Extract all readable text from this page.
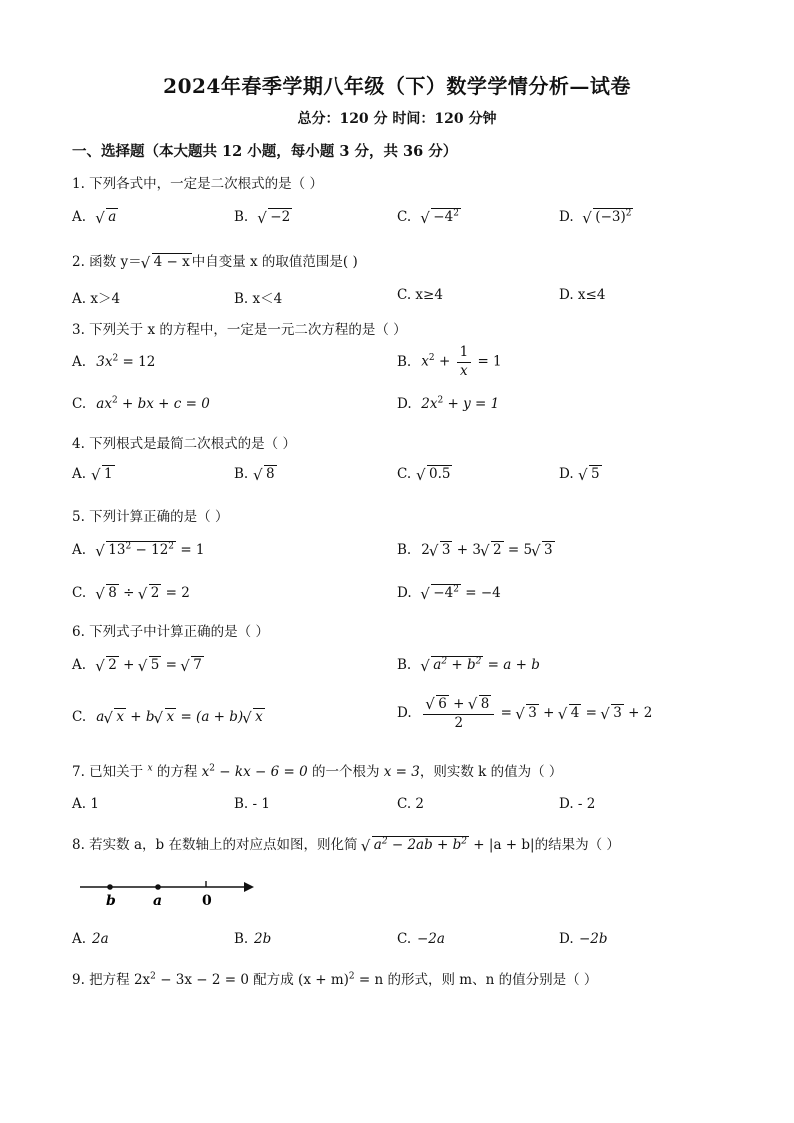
2024年春季学期八年级（下）数学学情分析—试卷
总分：120 分 时间：120 分钟
一、选择题（本大题共 12 小题，每小题 3 分，共 36 分）
1. 下列各式中，一定是二次根式的是（ ）
A. √ a	B. √ −2	C. √ $-4^2$	D. √ $(-3)^2$
2. 函数 y＝ √ 4 − x 中自变量 x 的取值范围是( )
A. x＞4	B. x＜4	C. x≥4	D. x≤4
3. 下列关于 x 的方程中，一定是一元二次方程的是（ ）
A. $3x^2 = 12$	B. $x^2 + \frac{1}{x} = 1$
C. $ax^2$ + bx + c = 0	D. $2x^2 + y = 1$
4. 下列根式是最简二次根式的是（ ）
A. √ 1	B. √ 8	C. √ 0.5	D. √ 5
5. 下列计算正确的是（ ）
A. √ $13^2 - 12^2 = 1$	B. 2 √ 3 + 3 √ 2 = 5 √ 3
C. √ 8 ÷ √ 2 = 2	D. √ $-4^2 = -4$
6. 下列式子中计算正确的是（ ）
A. √ 2 + √ 5 = √ 7	B. √ $a^2 + b^2 = a + b$
C. a √ x + b √ x = (a + b) √ x	D. √ $\frac{6 + √ 8}{2}$ = √ 3 + √ 4 = √ 3 + 2
7. 已知关于 $^x$ 的方程 $x^2$ − kx − 6 = 0 的一个根为 x = 3，则实数 k 的值为（ ）
A. 1	B. - 1	C. 2	D. - 2
8. 若实数 a，b 在数轴上的对应点如图，则化简 √ $a^2 - 2ab + b^2 + |a + b|$的结果为（ ）
b	a	0
A. 2a	B. 2b	C. −2a	D. −2b
9. 把方程 $2x^2 - 3x - 2 = 0$ 配方成 $(x + m)^2 = n$ 的形式，则 m、n 的值分别是（ ）
